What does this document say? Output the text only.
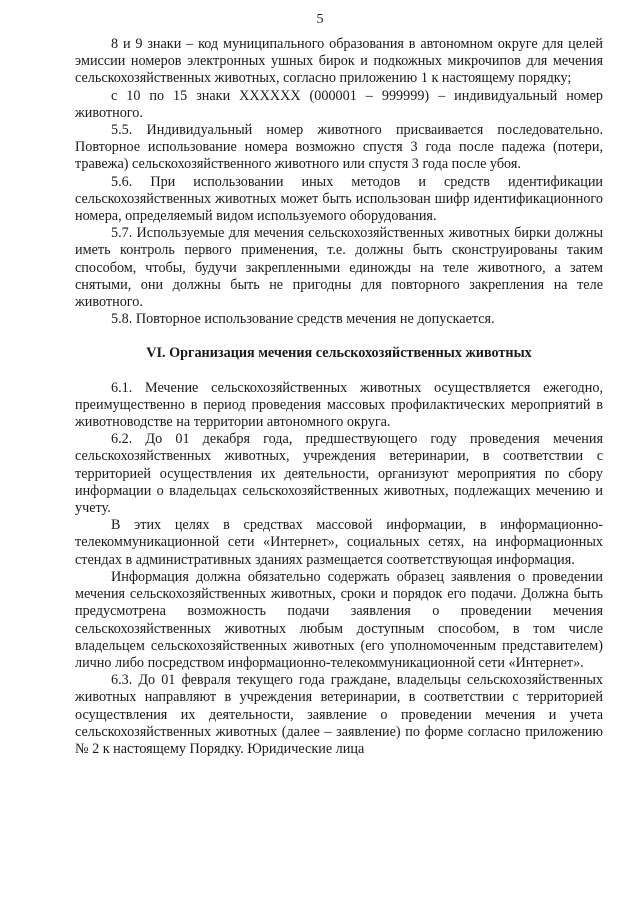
5

8 и 9 знаки – код муниципального образования в автономном округе для целей эмиссии номеров электронных ушных бирок и подкожных микрочипов для мечения сельскохозяйственных животных, согласно приложению 1 к настоящему порядку;

с 10 по 15 знаки XXXXXX (000001 – 999999) – индивидуальный номер животного.

5.5. Индивидуальный номер животного присваивается последовательно. Повторное использование номера возможно спустя 3 года после падежа (потери, травежа) сельскохозяйственного животного или спустя 3 года после убоя.

5.6. При использовании иных методов и средств идентификации сельскохозяйственных животных может быть использован шифр идентификационного номера, определяемый видом используемого оборудования.

5.7. Используемые для мечения сельскохозяйственных животных бирки должны иметь контроль первого применения, т.е. должны быть сконструированы таким способом, чтобы, будучи закрепленными единожды на теле животного, а затем снятыми, они должны быть не пригодны для повторного закрепления на теле животного.

5.8. Повторное использование средств мечения не допускается.

VI. Организация мечения сельскохозяйственных животных

6.1. Мечение сельскохозяйственных животных осуществляется ежегодно, преимущественно в период проведения массовых профилактических мероприятий в животноводстве на территории автономного округа.

6.2. До 01 декабря года, предшествующего году проведения мечения сельскохозяйственных животных, учреждения ветеринарии, в соответствии с территорией осуществления их деятельности, организуют мероприятия по сбору информации о владельцах сельскохозяйственных животных, подлежащих мечению и учету.

В этих целях в средствах массовой информации, в информационно-телекоммуникационной сети «Интернет», социальных сетях, на информационных стендах в административных зданиях размещается соответствующая информация.

Информация должна обязательно содержать образец заявления о проведении мечения сельскохозяйственных животных, сроки и порядок его подачи. Должна быть предусмотрена возможность подачи заявления о проведении мечения сельскохозяйственных животных любым доступным способом, в том числе владельцем сельскохозяйственных животных (его уполномоченным представителем) лично либо посредством информационно-телекоммуникационной сети «Интернет».

6.3. До 01 февраля текущего года граждане, владельцы сельскохозяйственных животных направляют в учреждения ветеринарии, в соответствии с территорией осуществления их деятельности, заявление о проведении мечения и учета сельскохозяйственных животных (далее – заявление) по форме согласно приложению № 2 к настоящему Порядку. Юридические лица
